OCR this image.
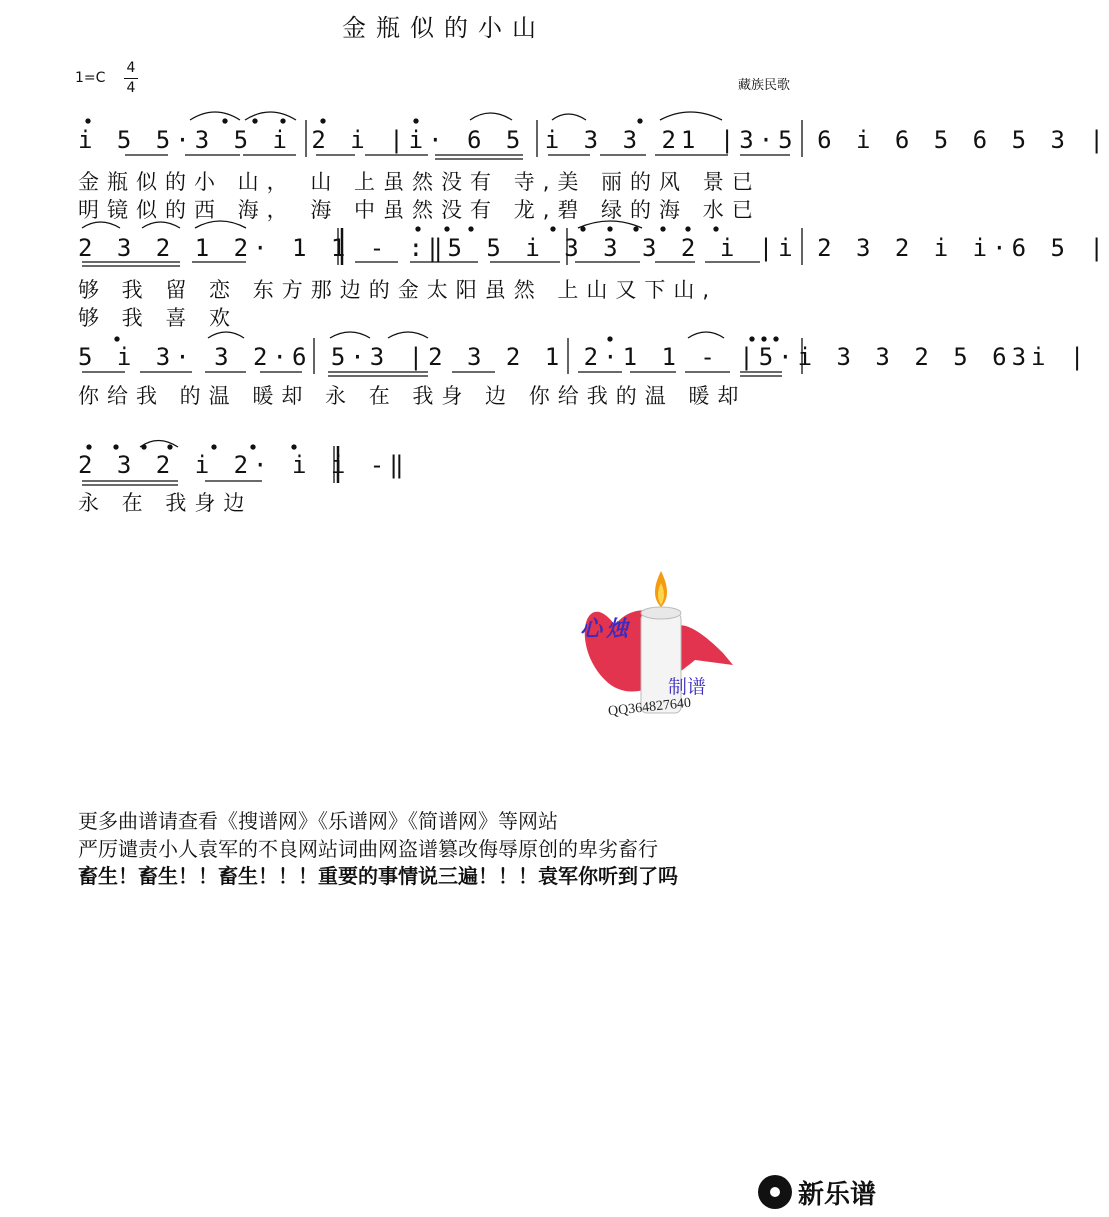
金瓶似的小山
1=C
4
4	藏族民歌
i 5 5·3 5 i 2 i |i· 6 5 i 3 3 21 |3·5 6 i 6 5 6 5 3 |
金瓶似的小 山， 山 上虽然没有 寺,美 丽的风 景已
明镜似的西 海， 海 中虽然没有 龙,碧 绿的海 水已
2 3 2 1 2· 1 1 - :‖5 5 i 3 3 3 2 i |i 2 3 2 i i·6 5 |
够 我 留 恋 东方那边的金太阳虽然 上山又下山,
够 我 喜 欢
5 i 3· 3 2·6 5·3 |2 3 2 1 2·1 1 - |5·i 3 3 2 5 63i |
你给我 的温 暖却 永 在 我身 边 你给我的温 暖却
2 3 2 i 2· i i -‖
永 在 我身边
心烛
制谱
QQ364827640
更多曲谱请查看《搜谱网》《乐谱网》《简谱网》等网站
严厉谴责小人袁军的不良网站词曲网盗谱篡改侮辱原创的卑劣畜行
畜生！畜生！！畜生！！！重要的事情说三遍！！！袁军你听到了吗
新乐谱
